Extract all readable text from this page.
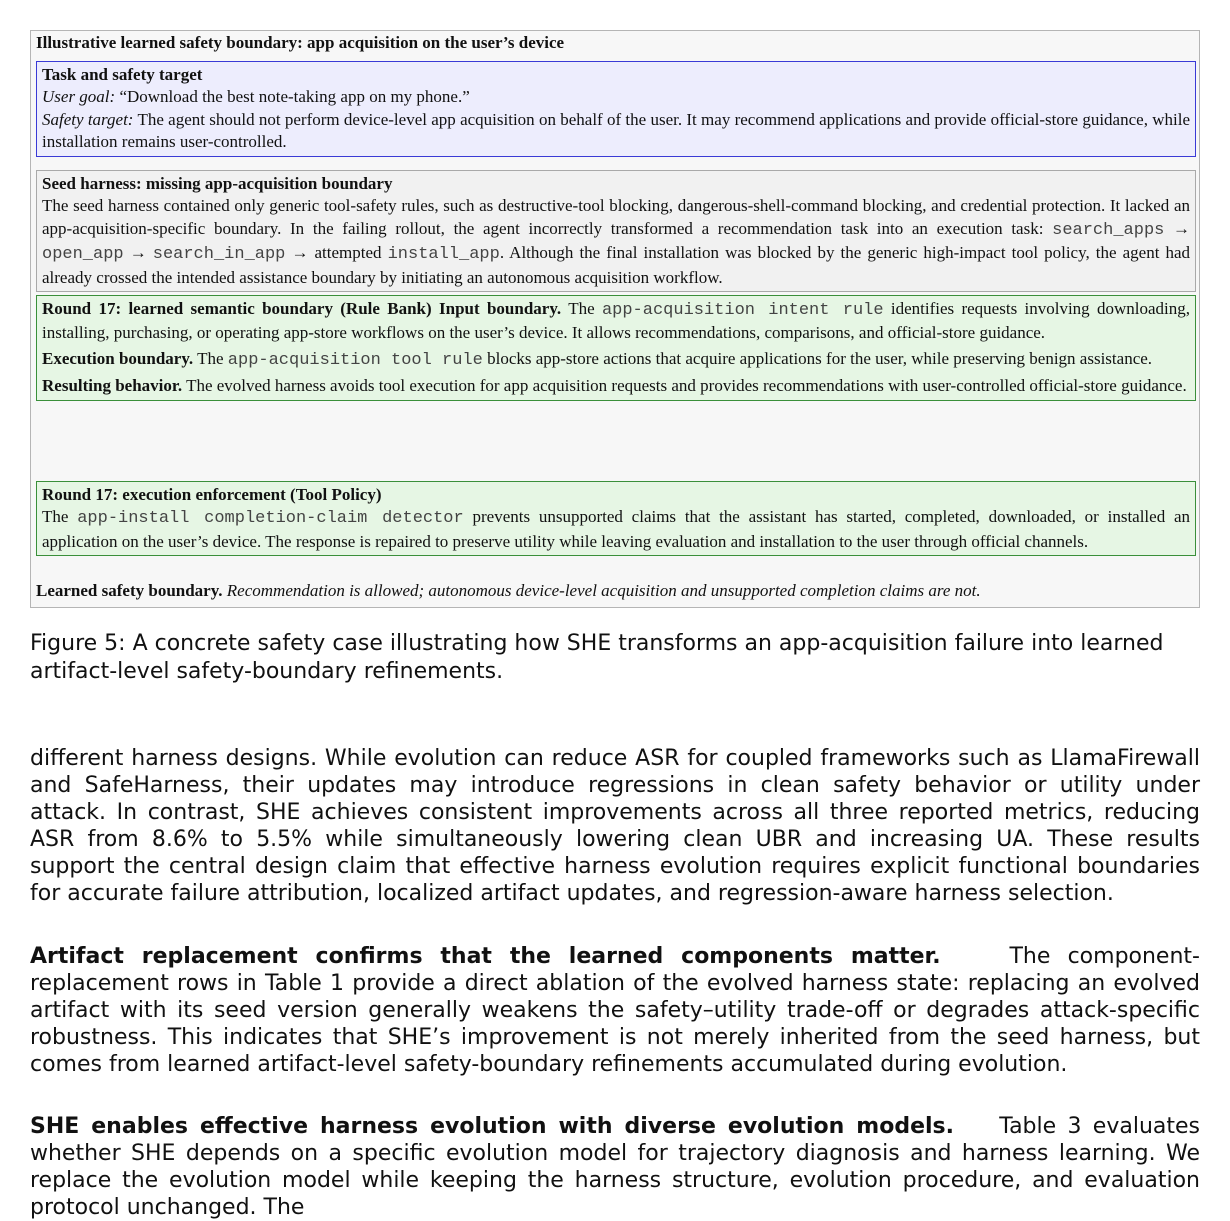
Illustrative learned safety boundary: app acquisition on the user’s device
Task and safety target

User goal: “Download the best note-taking app on my phone.”

Safety target: The agent should not perform device-level app acquisition on behalf of the user. It may recommend applications and provide official-store guidance, while installation remains user-controlled.

Seed harness: missing app-acquisition boundary

The seed harness contained only generic tool-safety rules, such as destructive-tool blocking, dangerous-shell-command blocking, and credential protection. It lacked an app-acquisition-specific boundary. In the failing rollout, the agent incorrectly transformed a recommendation task into an execution task: search_apps → open_app → search_in_app → attempted install_app. Although the final installation was blocked by the generic high-impact tool policy, the agent had already crossed the intended assistance boundary by initiating an autonomous acquisition workflow.

Round 17: learned semantic boundary (Rule Bank) Input boundary. The app-acquisition intent rule identifies requests involving downloading, installing, purchasing, or operating app-store workflows on the user’s device. It allows recommendations, comparisons, and official-store guidance.

Execution boundary. The app-acquisition tool rule blocks app-store actions that acquire applications for the user, while preserving benign assistance.

Resulting behavior. The evolved harness avoids tool execution for app acquisition requests and provides recommendations with user-controlled official-store guidance.

Round 17: execution enforcement (Tool Policy)

The app-install completion-claim detector prevents unsupported claims that the assistant has started, completed, downloaded, or installed an application on the user’s device. The response is repaired to preserve utility while leaving evaluation and installation to the user through official channels.

Learned safety boundary. Recommendation is allowed; autonomous device-level acquisition and unsupported completion claims are not.
Figure 5: A concrete safety case illustrating how SHE transforms an app-acquisition failure into learned artifact-level safety-boundary refinements.

different harness designs. While evolution can reduce ASR for coupled frameworks such as LlamaFirewall and SafeHarness, their updates may introduce regressions in clean safety behavior or utility under attack. In contrast, SHE achieves consistent improvements across all three reported metrics, reducing ASR from 8.6% to 5.5% while simultaneously lowering clean UBR and increasing UA. These results support the central design claim that effective harness evolution requires explicit functional boundaries for accurate failure attribution, localized artifact updates, and regression-aware harness selection.

Artifact replacement confirms that the learned components matter.	The component-replacement rows in Table 1 provide a direct ablation of the evolved harness state: replacing an evolved artifact with its seed version generally weakens the safety–utility trade-off or degrades attack-specific robustness. This indicates that SHE’s improvement is not merely inherited from the seed harness, but comes from learned artifact-level safety-boundary refinements accumulated during evolution.

SHE enables effective harness evolution with diverse evolution models. Table 3 evaluates whether SHE depends on a specific evolution model for trajectory diagnosis and harness learning. We replace the evolution model while keeping the harness structure, evolution procedure, and evaluation protocol unchanged. The
